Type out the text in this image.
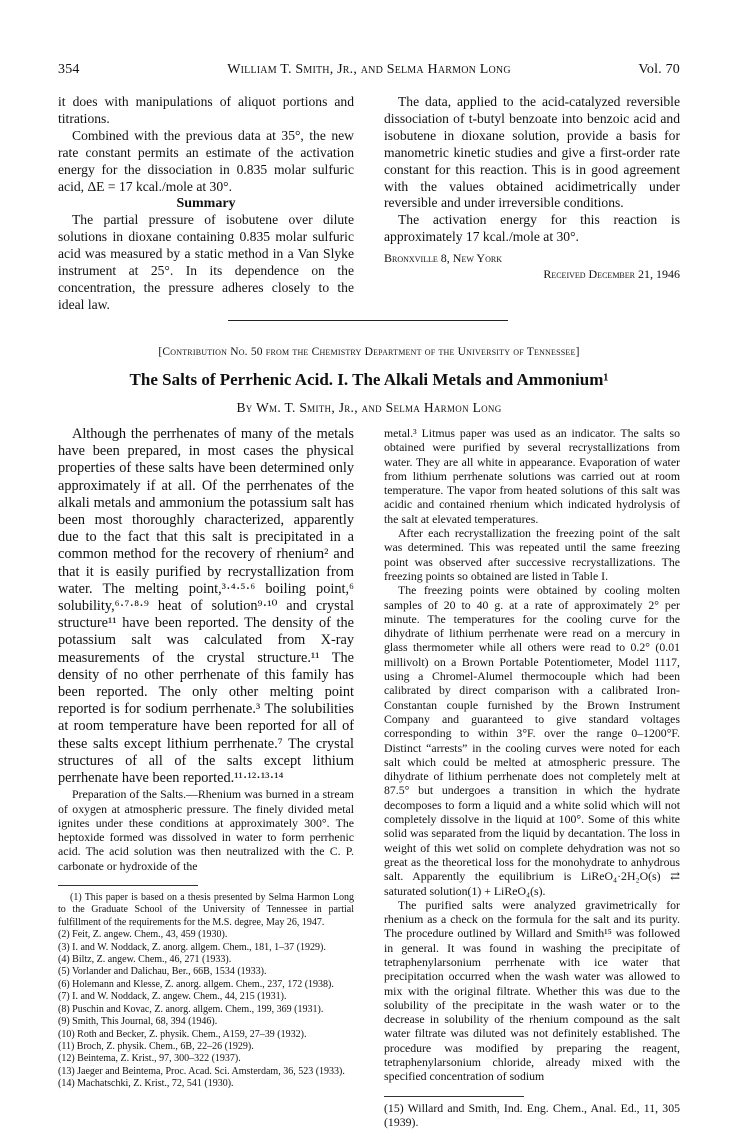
354	William T. Smith, Jr., and Selma Harmon Long	Vol. 70

it does with manipulations of aliquot portions and titrations.

Combined with the previous data at 35°, the new rate constant permits an estimate of the activation energy for the dissociation in 0.835 molar sulfuric acid, ΔE = 17 kcal./mole at 30°.

Summary

The partial pressure of isobutene over dilute solutions in dioxane containing 0.835 molar sulfuric acid was measured by a static method in a Van Slyke instrument at 25°. In its dependence on the concentration, the pressure adheres closely to the ideal law.

The data, applied to the acid-catalyzed reversible dissociation of t-butyl benzoate into benzoic acid and isobutene in dioxane solution, provide a basis for manometric kinetic studies and give a first-order rate constant for this reaction. This is in good agreement with the values obtained acidimetrically under reversible and under irreversible conditions.

The activation energy for this reaction is approximately 17 kcal./mole at 30°.

Bronxville 8, New York
Received December 21, 1946
[Contribution No. 50 from the Chemistry Department of the University of Tennessee]
The Salts of Perrhenic Acid. I. The Alkali Metals and Ammonium¹
By Wm. T. Smith, Jr., and Selma Harmon Long

Although the perrhenates of many of the metals have been prepared, in most cases the physical properties of these salts have been determined only approximately if at all. Of the perrhenates of the alkali metals and ammonium the potassium salt has been most thoroughly characterized, apparently due to the fact that this salt is precipitated in a common method for the recovery of rhenium² and that it is easily purified by recrystallization from water. The melting point,³·⁴·⁵·⁶ boiling point,⁶ solubility,⁶·⁷·⁸·⁹ heat of solution⁹·¹⁰ and crystal structure¹¹ have been reported. The density of the potassium salt was calculated from X-ray measurements of the crystal structure.¹¹ The density of no other perrhenate of this family has been reported. The only other melting point reported is for sodium perrhenate.³ The solubilities at room temperature have been reported for all of these salts except lithium perrhenate.⁷ The crystal structures of all of the salts except lithium perrhenate have been reported.¹¹·¹²·¹³·¹⁴

Preparation of the Salts.—Rhenium was burned in a stream of oxygen at atmospheric pressure. The finely divided metal ignites under these conditions at approximately 300°. The heptoxide formed was dissolved in water to form perrhenic acid. The acid solution was then neutralized with the C. P. carbonate or hydroxide of the

(1) This paper is based on a thesis presented by Selma Harmon Long to the Graduate School of the University of Tennessee in partial fulfillment of the requirements for the M.S. degree, May 26, 1947.

(2) Feit, Z. angew. Chem., 43, 459 (1930).

(3) I. and W. Noddack, Z. anorg. allgem. Chem., 181, 1–37 (1929).

(4) Biltz, Z. angew. Chem., 46, 271 (1933).

(5) Vorlander and Dalichau, Ber., 66B, 1534 (1933).

(6) Holemann and Klesse, Z. anorg. allgem. Chem., 237, 172 (1938).

(7) I. and W. Noddack, Z. angew. Chem., 44, 215 (1931).

(8) Puschin and Kovac, Z. anorg. allgem. Chem., 199, 369 (1931).

(9) Smith, This Journal, 68, 394 (1946).

(10) Roth and Becker, Z. physik. Chem., A159, 27–39 (1932).

(11) Broch, Z. physik. Chem., 6B, 22–26 (1929).

(12) Beintema, Z. Krist., 97, 300–322 (1937).

(13) Jaeger and Beintema, Proc. Acad. Sci. Amsterdam, 36, 523 (1933).

(14) Machatschki, Z. Krist., 72, 541 (1930).

metal.³ Litmus paper was used as an indicator. The salts so obtained were purified by several recrystallizations from water. They are all white in appearance. Evaporation of water from lithium perrhenate solutions was carried out at room temperature. The vapor from heated solutions of this salt was acidic and contained rhenium which indicated hydrolysis of the salt at elevated temperatures.

After each recrystallization the freezing point of the salt was determined. This was repeated until the same freezing point was observed after successive recrystallizations. The freezing points so obtained are listed in Table I.

The freezing points were obtained by cooling molten samples of 20 to 40 g. at a rate of approximately 2° per minute. The temperatures for the cooling curve for the dihydrate of lithium perrhenate were read on a mercury in glass thermometer while all others were read to 0.2° (0.01 millivolt) on a Brown Portable Potentiometer, Model 1117, using a Chromel-Alumel thermocouple which had been calibrated by direct comparison with a calibrated Iron-Constantan couple furnished by the Brown Instrument Company and guaranteed to give standard voltages corresponding to within 3°F. over the range 0–1200°F. Distinct “arrests” in the cooling curves were noted for each salt which could be melted at atmospheric pressure. The dihydrate of lithium perrhenate does not completely melt at 87.5° but undergoes a transition in which the hydrate decomposes to form a liquid and a white solid which will not completely dissolve in the liquid at 100°. Some of this white solid was separated from the liquid by decantation. The loss in weight of this wet solid on complete dehydration was not so great as the theoretical loss for the monohydrate to anhydrous salt. Apparently the equilibrium is LiReO₄·2H₂O(s) ⇄ saturated solution(1) + LiReO₄(s).

The purified salts were analyzed gravimetrically for rhenium as a check on the formula for the salt and its purity. The procedure outlined by Willard and Smith¹⁵ was followed in general. It was found in washing the precipitate of tetraphenylarsonium perrhenate with ice water that precipitation occurred when the wash water was allowed to mix with the original filtrate. Whether this was due to the solubility of the precipitate in the wash water or to the decrease in solubility of the rhenium compound as the salt water filtrate was diluted was not definitely established. The procedure was modified by preparing the reagent, tetraphenylarsonium chloride, already mixed with the specified concentration of sodium

(15) Willard and Smith, Ind. Eng. Chem., Anal. Ed., 11, 305 (1939).
